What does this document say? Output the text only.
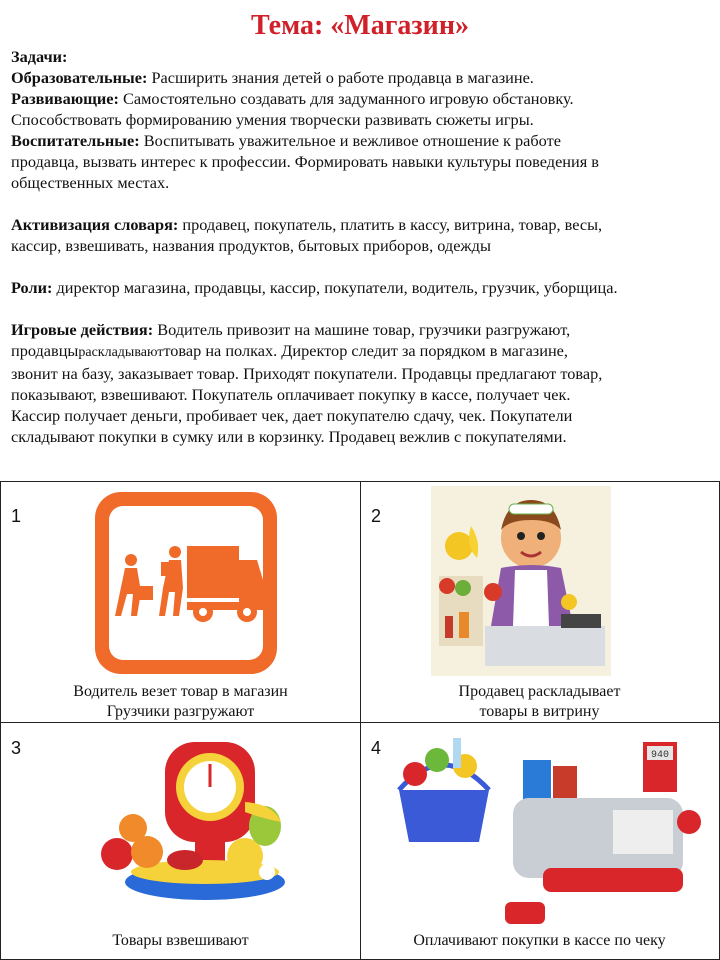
Тема: «Магазин»

Задачи:

Образовательные: Расширить знания детей о работе продавца в магазине.

Развивающие: Самостоятельно создавать для задуманного игровую обстановку.

Способствовать формированию умения творчески развивать сюжеты игры.

Воспитательные: Воспитывать уважительное и вежливое отношение к работе

продавца, вызвать интерес к профессии. Формировать навыки культуры поведения в

общественных местах.

Активизация словаря: продавец, покупатель, платить в кассу, витрина, товар, весы,

кассир, взвешивать, названия продуктов, бытовых приборов, одежды

Роли: директор магазина, продавцы, кассир, покупатели, водитель, грузчик, уборщица.

Игровые действия: Водитель привозит на машине товар, грузчики разгружают,

продавцыраскладываюттовар на полках. Директор следит за порядком в магазине,

звонит на базу, заказывает товар. Приходят покупатели. Продавцы предлагают товар,

показывают, взвешивают. Покупатель оплачивает покупку в кассе, получает чек.

Кассир получает деньги, пробивает чек, дает покупателю сдачу, чек. Покупатели

складывают покупки в сумку или в корзинку. Продавец вежлив с покупателями.

1
Водитель везет товар в магазин
Грузчики разгружают
2
Продавец раскладывает
товары в витрину
3
Товары взвешивают
4	940
Оплачивают покупки в кассе по чеку
